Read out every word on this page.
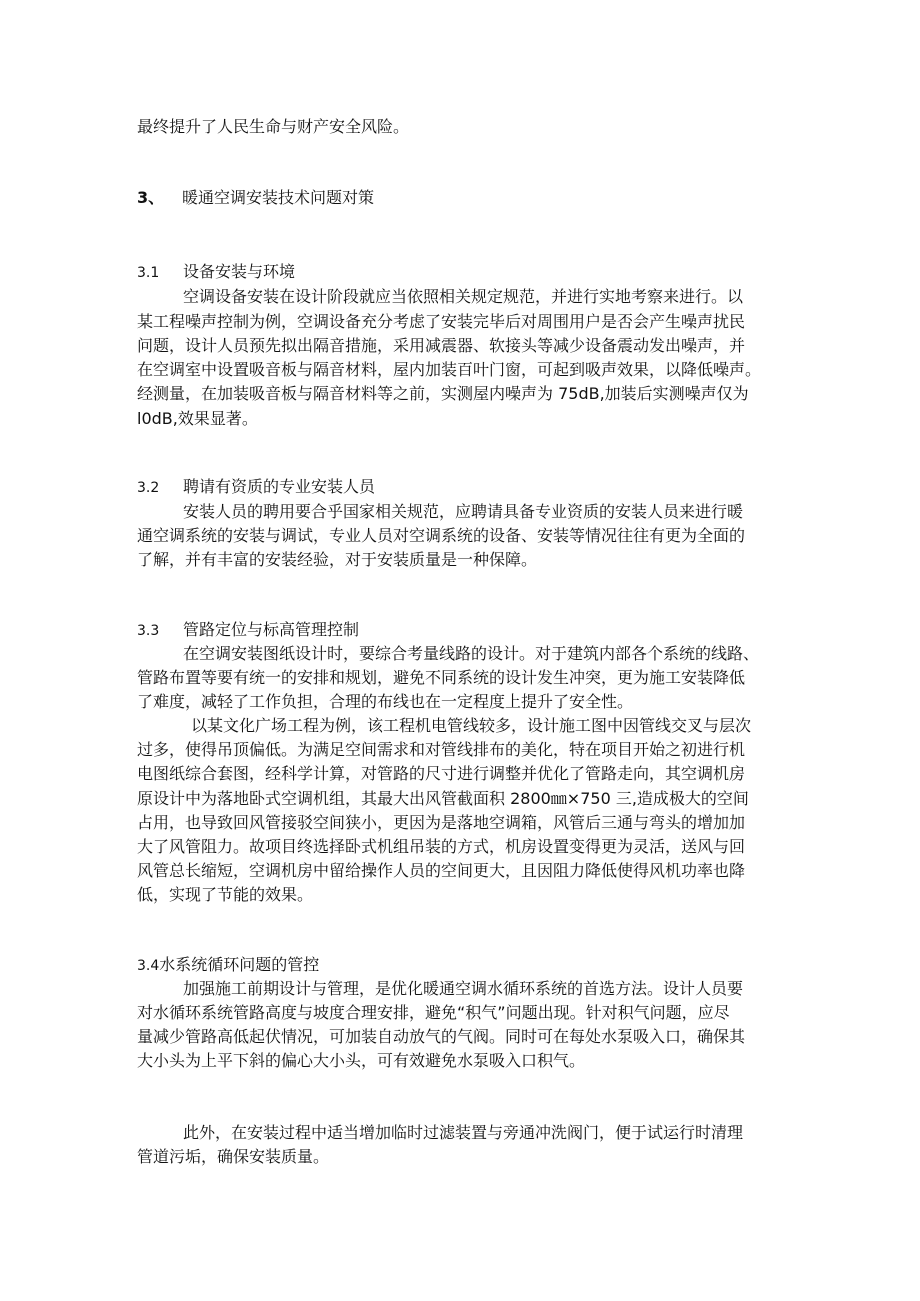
最终提升了人民生命与财产安全风险。
3、 暖通空调安装技术问题对策
3.1 设备安装与环境
空调设备安装在设计阶段就应当依照相关规定规范，并进行实地考察来进行。以
某工程噪声控制为例，空调设备充分考虑了安装完毕后对周围用户是否会产生噪声扰民
问题，设计人员预先拟出隔音措施，采用减震器、软接头等减少设备震动发出噪声，并
在空调室中设置吸音板与隔音材料，屋内加装百叶门窗，可起到吸声效果，以降低噪声。
经测量，在加装吸音板与隔音材料等之前，实测屋内噪声为 75dB,加装后实测噪声仅为
l0dB,效果显著。
3.2 聘请有资质的专业安装人员
安装人员的聘用要合乎国家相关规范，应聘请具备专业资质的安装人员来进行暖
通空调系统的安装与调试，专业人员对空调系统的设备、安装等情况往往有更为全面的
了解，并有丰富的安装经验，对于安装质量是一种保障。
3.3 管路定位与标高管理控制
在空调安装图纸设计时，要综合考量线路的设计。对于建筑内部各个系统的线路、
管路布置等要有统一的安排和规划，避免不同系统的设计发生冲突，更为施工安装降低
了难度，减轻了工作负担，合理的布线也在一定程度上提升了安全性。
以某文化广场工程为例，该工程机电管线较多，设计施工图中因管线交叉与层次
过多，使得吊顶偏低。为满足空间需求和对管线排布的美化，特在项目开始之初进行机
电图纸综合套图，经科学计算，对管路的尺寸进行调整并优化了管路走向，其空调机房
原设计中为落地卧式空调机组，其最大出风管截面积 2800㎜×750 三,造成极大的空间
占用，也导致回风管接驳空间狭小，更因为是落地空调箱，风管后三通与弯头的增加加
大了风管阻力。故项目终选择卧式机组吊装的方式，机房设置变得更为灵活，送风与回
风管总长缩短，空调机房中留给操作人员的空间更大，且因阻力降低使得风机功率也降
低，实现了节能的效果。
3.4水系统循环问题的管控
加强施工前期设计与管理，是优化暖通空调水循环系统的首选方法。设计人员要
对水循环系统管路高度与坡度合理安排，避免“积气”问题出现。针对积气问题，应尽
量减少管路高低起伏情况，可加装自动放气的气阀。同时可在每处水泵吸入口，确保其
大小头为上平下斜的偏心大小头，可有效避免水泵吸入口积气。
此外，在安装过程中适当增加临时过滤装置与旁通冲洗阀门，便于试运行时清理
管道污垢，确保安装质量。
